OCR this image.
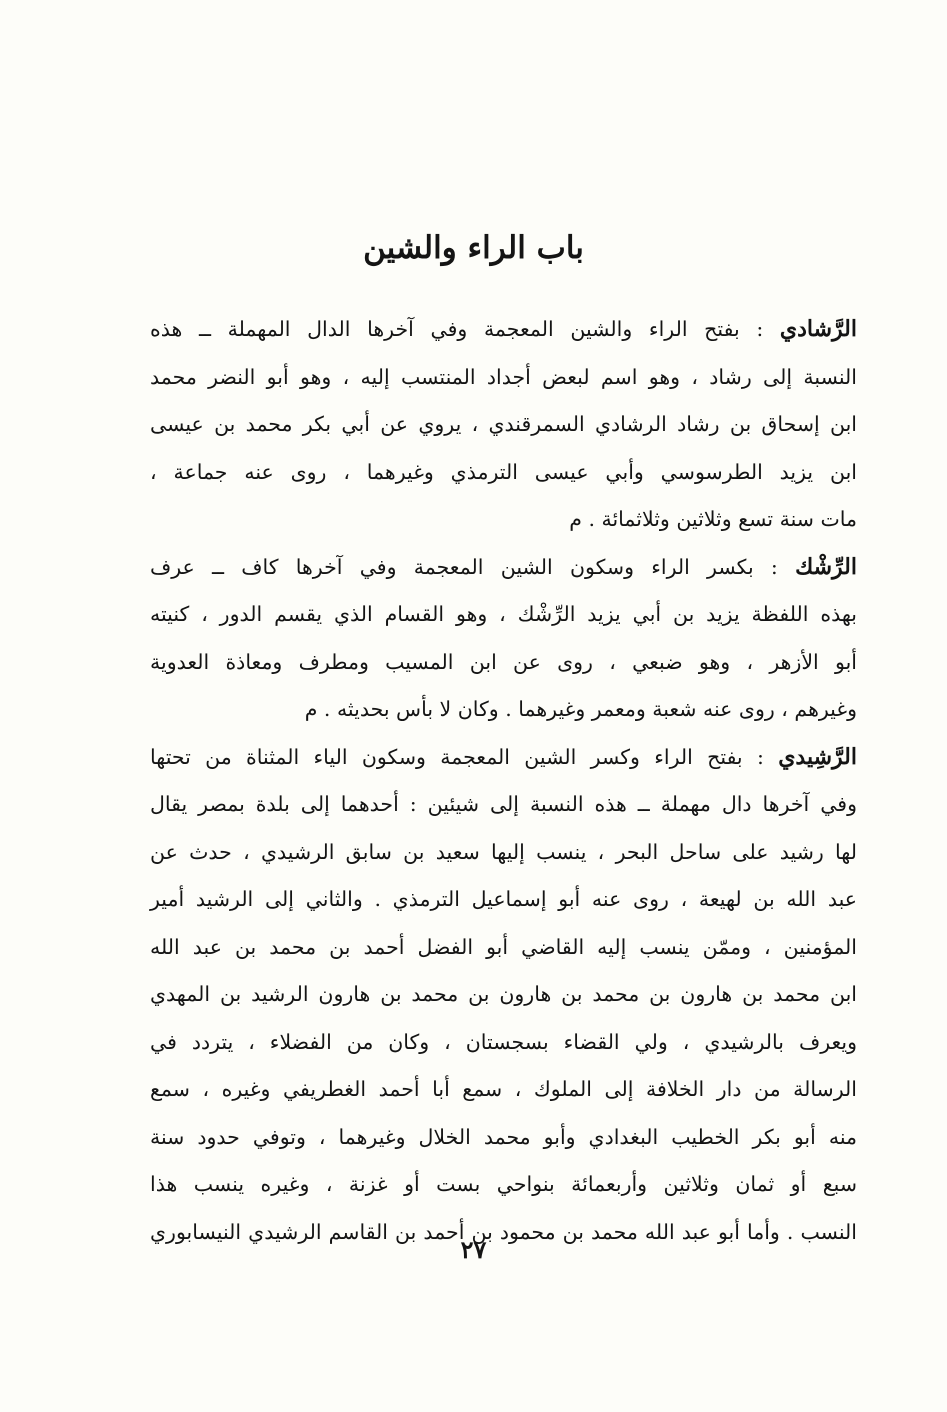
باب الراء والشين
الرَّشادي : بفتح الراء والشين المعجمة وفي آخرها الدال المهملة ــ هذه
النسبة إلى رشاد ، وهو اسم لبعض أجداد المنتسب إليه ، وهو أبو النضر محمد
ابن إسحاق بن رشاد الرشادي السمرقندي ، يروي عن أبي بكر محمد بن عيسى
ابن يزيد الطرسوسي وأبي عيسى الترمذي وغيرهما ، روى عنه جماعة ،
مات سنة تسع وثلاثين وثلاثمائة . م
الرِّشْك : بكسر الراء وسكون الشين المعجمة وفي آخرها كاف ــ عرف
بهذه اللفظة يزيد بن أبي يزيد الرِّشْك ، وهو القسام الذي يقسم الدور ، كنيته
أبو الأزهر ، وهو ضبعي ، روى عن ابن المسيب ومطرف ومعاذة العدوية
وغيرهم ، روى عنه شعبة ومعمر وغيرهما . وكان لا بأس بحديثه . م
الرَّشِيدي : بفتح الراء وكسر الشين المعجمة وسكون الياء المثناة من تحتها
وفي آخرها دال مهملة ــ هذه النسبة إلى شيئين : أحدهما إلى بلدة بمصر يقال
لها رشيد على ساحل البحر ، ينسب إليها سعيد بن سابق الرشيدي ، حدث عن
عبد الله بن لهيعة ، روى عنه أبو إسماعيل الترمذي . والثاني إلى الرشيد أمير
المؤمنين ، وممّن ينسب إليه القاضي أبو الفضل أحمد بن محمد بن عبد الله
ابن محمد بن هارون بن محمد بن هارون بن محمد بن هارون الرشيد بن المهدي
ويعرف بالرشيدي ، ولي القضاء بسجستان ، وكان من الفضلاء ، يتردد في
الرسالة من دار الخلافة إلى الملوك ، سمع أبا أحمد الغطريفي وغيره ، سمع
منه أبو بكر الخطيب البغدادي وأبو محمد الخلال وغيرهما ، وتوفي حدود سنة
سبع أو ثمان وثلاثين وأربعمائة بنواحي بست أو غزنة ، وغيره ينسب هذا
النسب . وأما أبو عبد الله محمد بن محمود بن أحمد بن القاسم الرشيدي النيسابوري
٢٧
